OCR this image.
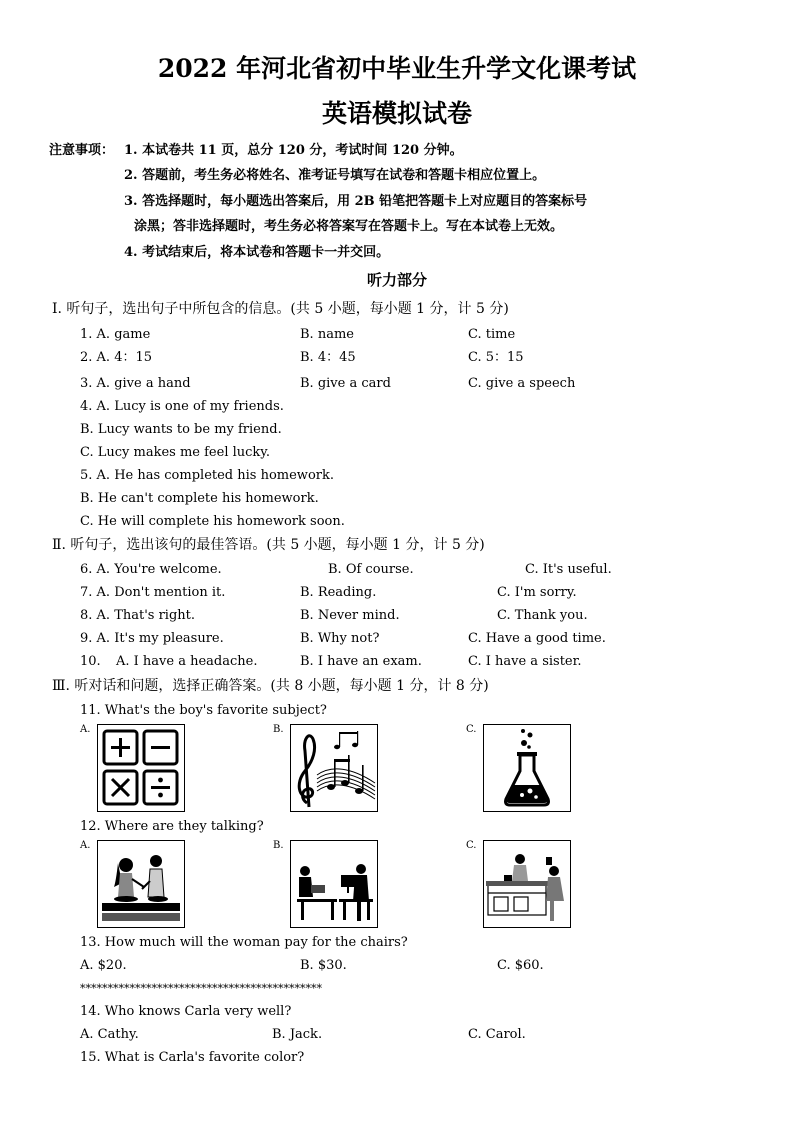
2022 年河北省初中毕业生升学文化课考试
英语模拟试卷
注意事项： 1. 本试卷共 11 页，总分 120 分，考试时间 120 分钟。
2. 答题前，考生务必将姓名、准考证号填写在试卷和答题卡相应位置上。
3. 答选择题时，每小题选出答案后，用 2B 铅笔把答题卡上对应题目的答案标号
涂黑；答非选择题时，考生务必将答案写在答题卡上。写在本试卷上无效。
4. 考试结束后，将本试卷和答题卡一并交回。
听力部分
Ⅰ. 听句子，选出句子中所包含的信息。(共 5 小题，每小题 1 分，计 5 分)
1. A. game	B. name	C. time
2. A. 4：15	B. 4：45	C. 5：15
3. A. give a hand	B. give a card	C. give a speech
4. A. Lucy is one of my friends.
B. Lucy wants to be my friend.
C. Lucy makes me feel lucky.
5. A. He has completed his homework.
B. He can't complete his homework.
C. He will complete his homework soon.
Ⅱ. 听句子，选出该句的最佳答语。(共 5 小题，每小题 1 分，计 5 分)
6. A. You're welcome.	B. Of course.	C. It's useful.
7. A. Don't mention it.	B. Reading.	C. I'm sorry.
8. A. That's right.	B. Never mind.	C. Thank you.
9. A. It's my pleasure.	B. Why not?	C. Have a good time.
10. A. I have a headache.	B. I have an exam.	C. I have a sister.
Ⅲ. 听对话和问题，选择正确答案。(共 8 小题，每小题 1 分，计 8 分)
11. What's the boy's favorite subject?
A.	B.	C.
12. Where are they talking?
A.	B.	C.
13. How much will the woman pay for the chairs?
A. $20.	B. $30.	C. $60.
********************************************
14. Who knows Carla very well?
A. Cathy.	B. Jack.	C. Carol.
15. What is Carla's favorite color?
